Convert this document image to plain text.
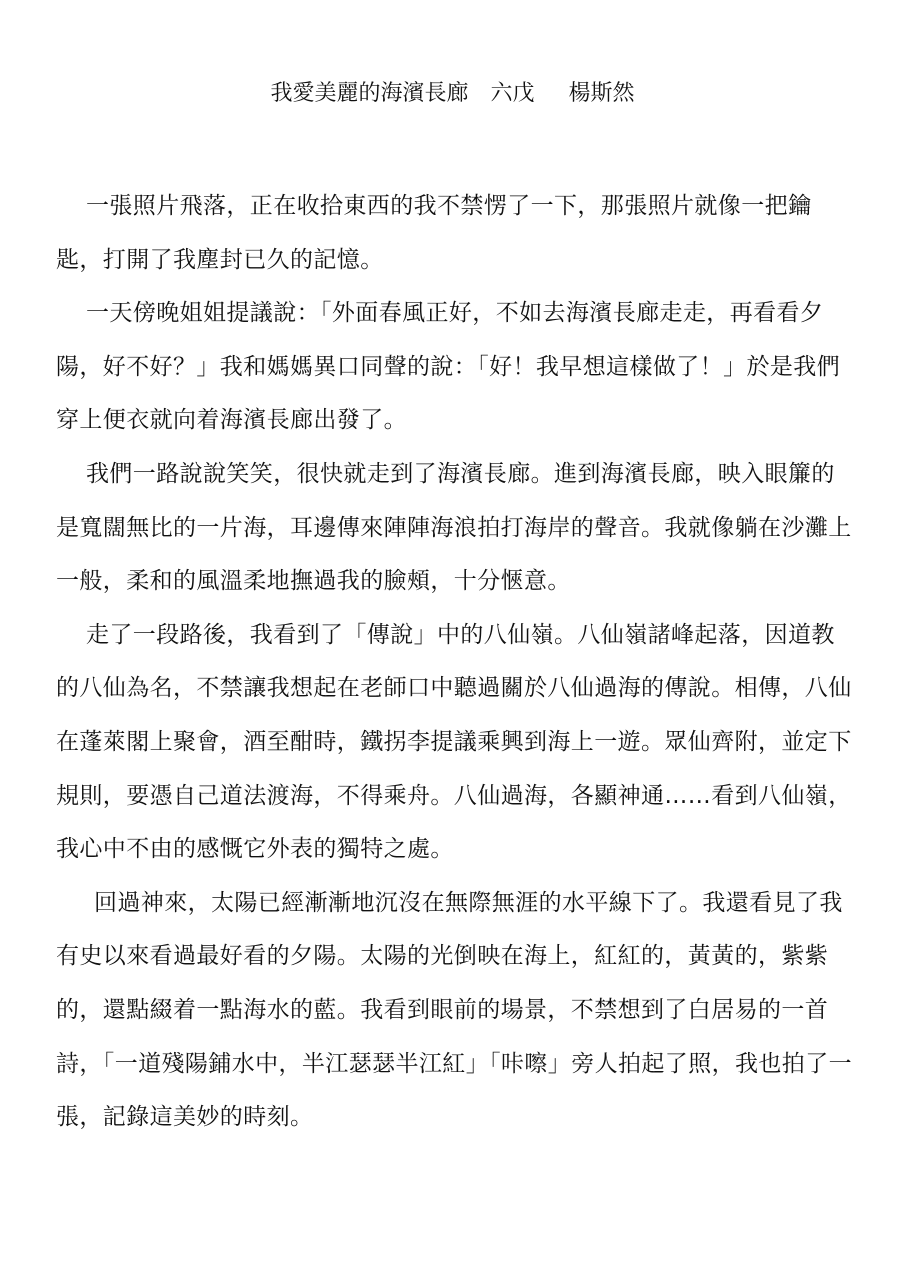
我愛美麗的海濱長廊 六戊 楊斯然

一張照片飛落，正在收拾東西的我不禁愣了一下，那張照片就像一把鑰匙，打開了我塵封已久的記憶。

一天傍晚姐姐提議說：「外面春風正好，不如去海濱長廊走走，再看看夕陽，好不好？」我和媽媽異口同聲的說：「好！我早想這樣做了！」於是我們穿上便衣就向着海濱長廊出發了。

我們一路說說笑笑，很快就走到了海濱長廊。進到海濱長廊，映入眼簾的是寬闊無比的一片海，耳邊傳來陣陣海浪拍打海岸的聲音。我就像躺在沙灘上一般，柔和的風溫柔地撫過我的臉頰，十分愜意。

走了一段路後，我看到了「傳說」中的八仙嶺。八仙嶺諸峰起落，因道教的八仙為名，不禁讓我想起在老師口中聽過關於八仙過海的傳說。相傳，八仙在蓬萊閣上聚會，酒至酣時，鐵拐李提議乘興到海上一遊。眾仙齊附，並定下規則，要憑自己道法渡海，不得乘舟。八仙過海，各顯神通……看到八仙嶺，我心中不由的感慨它外表的獨特之處。

回過神來，太陽已經漸漸地沉沒在無際無涯的水平線下了。我還看見了我有史以來看過最好看的夕陽。太陽的光倒映在海上，紅紅的，黃黃的，紫紫的，還點綴着一點海水的藍。我看到眼前的場景，不禁想到了白居易的一首詩，「一道殘陽鋪水中，半江瑟瑟半江紅」「咔嚓」旁人拍起了照，我也拍了一張，記錄這美妙的時刻。
